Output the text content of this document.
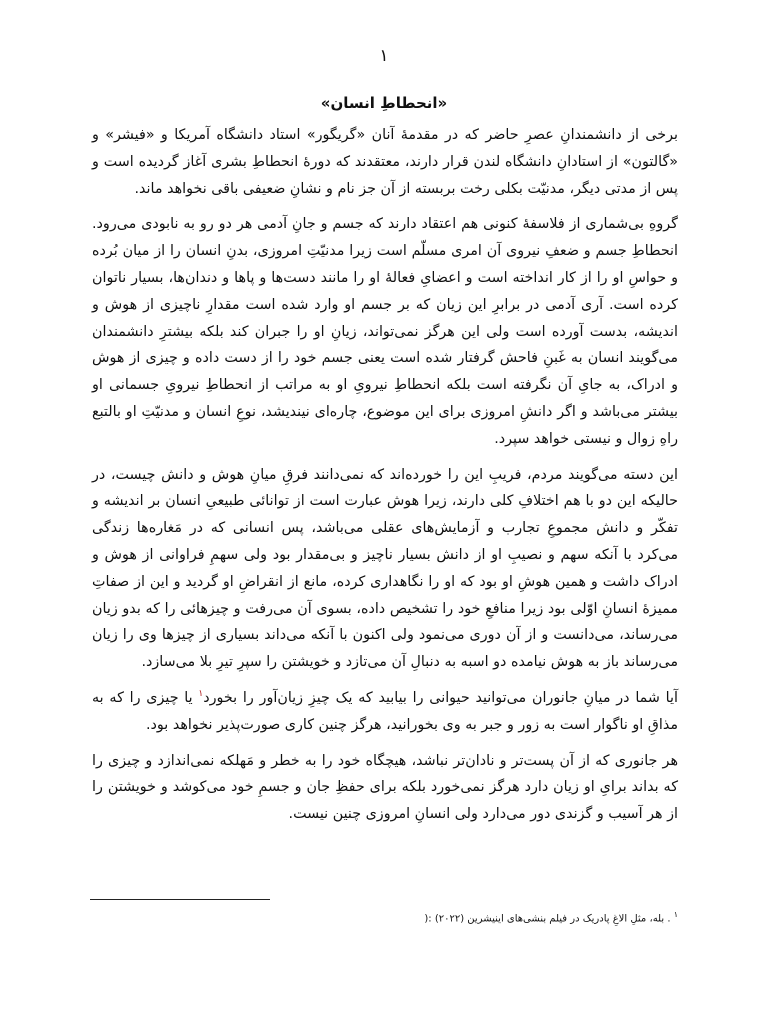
۱
«انحطاطِ انسان»

برخی از دانشمندانِ عصرِ حاضر که در مقدمۀ آنان «گریگور» استاد دانشگاه آمریکا و «فیشر» و «گالتون» از استادانِ دانشگاه لندن قرار دارند، معتقدند که دورۀ انحطاطِ بشری آغاز گردیده است و پس از مدتی دیگر، مدنیّت بکلی رخت بربسته از آن جز نام و نشانِ ضعیفی باقی نخواهد ماند.

گروهِ بی‌شماری از فلاسفۀ کنونی هم اعتقاد دارند که جسم و جانِ آدمی هر دو رو به نابودی می‌رود. انحطاطِ جسم و ضعفِ نیروی آن امری مسلّم است زیرا مدنیّتِ امروزی، بدنِ انسان را از میان بُرده و حواسِ او را از کار انداخته است و اعضایِ فعالۀ او را مانند دست‌ها و پاها و دندان‌ها، بسیار ناتوان کرده است. آری آدمی در برابرِ این زیان که بر جسم او وارد شده است مقدارِ ناچیزی از هوش و اندیشه، بدست آورده است ولی این هرگز نمی‌تواند، زیانِ او را جبران کند بلکه بیشترِ دانشمندان می‌گویند انسان به غَبنِ فاحش گرفتار شده است یعنی جسم خود را از دست داده و چیزی از هوش و ادراک، به جایِ آن نگرفته است بلکه انحطاطِ نیرویِ او به مراتب از انحطاطِ نیرویِ جسمانی او بیشتر می‌باشد و اگر دانشِ امروزی برای این موضوع، چاره‌ای نیندیشد، نوعِ انسان و مدنیّتِ او بالتبع راهِ زوال و نیستی خواهد سپرد.

این دسته می‌گویند مردم، فریبِ این را خورده‌اند که نمی‌دانند فرقِ میانِ هوش و دانش چیست، در حالیکه این دو با هم اختلافِ کلی دارند، زیرا هوش عبارت است از توانائی طبیعیِ انسان بر اندیشه و تفکّر و دانش مجموعِ تجارب و آزمایش‌های عقلی می‌باشد، پس انسانی که در مَغاره‌ها زندگی می‌کرد با آنکه سهم و نصیبِ او از دانش بسیار ناچیز و بی‌مقدار بود ولی سهمِ فراوانی از هوش و ادراک داشت و همین هوشِ او بود که او را نگاهداری کرده، مانع از انقراضِ او گردید و این از صفاتِ ممیزۀ انسانِ اوّلی بود زیرا منافعِ خود را تشخیص داده، بسوی آن می‌رفت و چیزهائی را که بدو زیان می‌رساند، می‌دانست و از آن دوری می‌نمود ولی اکنون با آنکه می‌داند بسیاری از چیزها وی را زیان می‌رساند باز به هوش نیامده دو اسبه به دنبالِ آن می‌تازد و خویشتن را سپرِ تیرِ بلا می‌سازد.

آیا شما در میانِ جانوران می‌توانید حیوانی را بیابید که یک چیزِ زیان‌آور را بخورد$^۱$ یا چیزی را که به مذاقِ او ناگوار است به زور و جبر به وی بخورانید، هرگز چنین کاری صورت‌پذیر نخواهد بود.

هر جانوری که از آن پست‌تر و نادان‌تر نباشد، هیچگاه خود را به خطر و مَهلکه نمی‌اندازد و چیزی را که بداند برایِ او زیان دارد هرگز نمی‌خورد بلکه برای حفظِ جان و جسمِ خود می‌کوشد و خویشتن را از هر آسیب و گزندی دور می‌دارد ولی انسانِ امروزی چنین نیست.

$^۱$ . بله، مثلِ الاغِ پادریک در فیلم بنشی‌های اینیشرین (۲۰۲۲) :(
